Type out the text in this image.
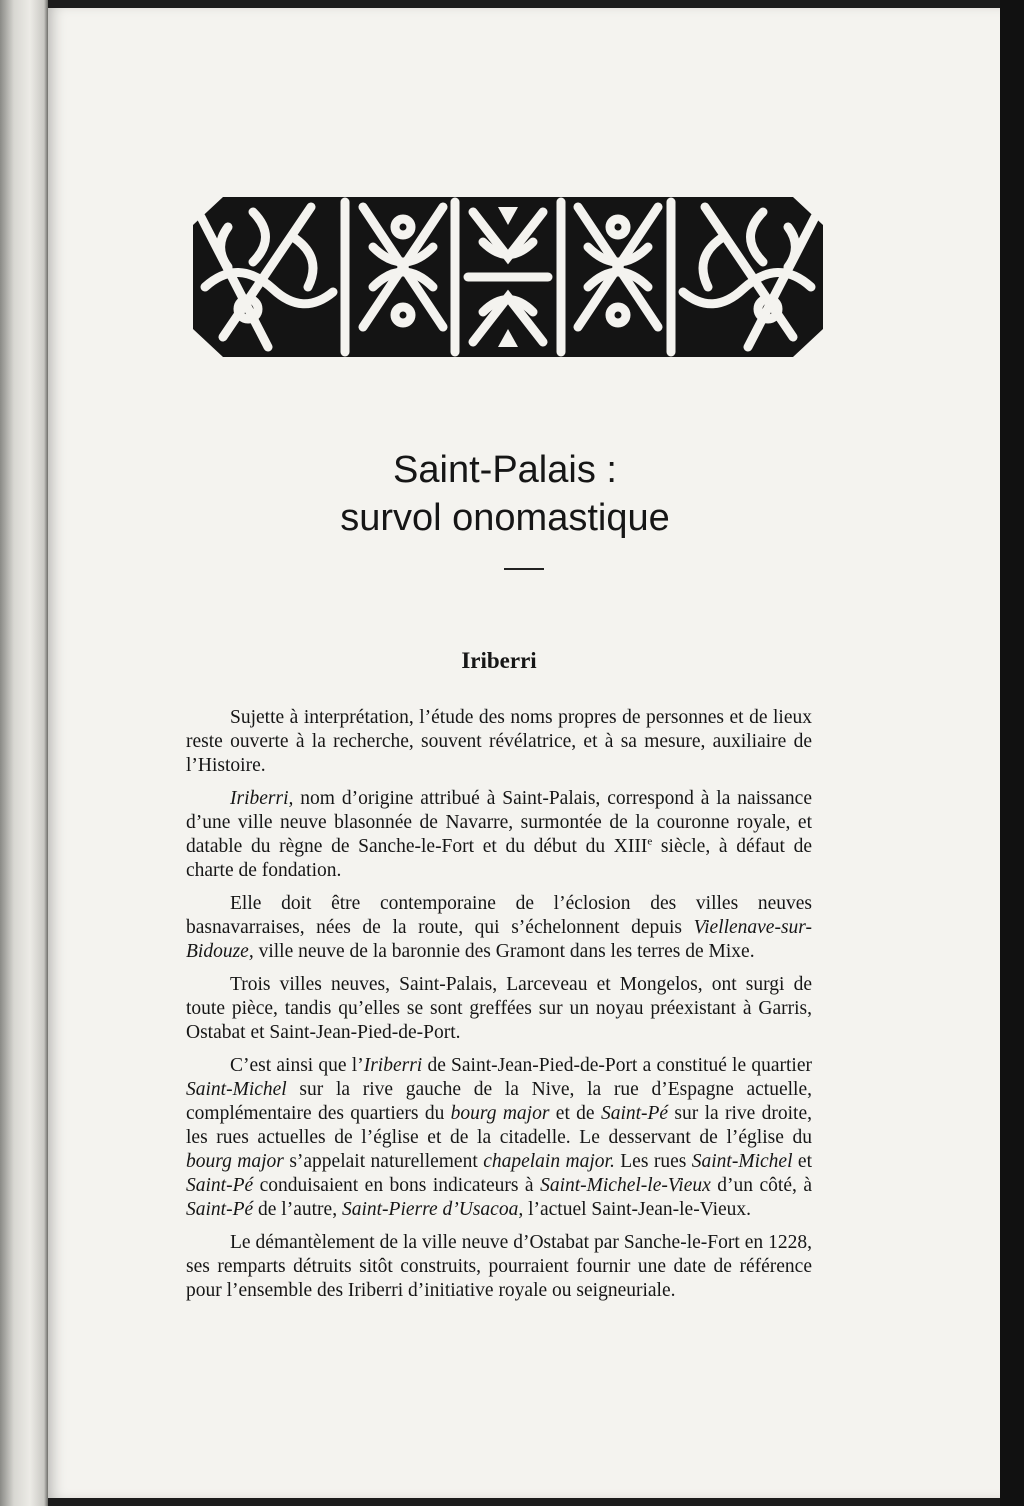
Saint-Palais :
survol onomastique
Iriberri

Sujette à interprétation, l’étude des noms propres de personnes et de lieux reste ouverte à la recherche, souvent révélatrice, et à sa mesure, auxiliaire de l’Histoire.

Iriberri, nom d’origine attribué à Saint-Palais, correspond à la naissance d’une ville neuve blasonnée de Navarre, surmontée de la couronne royale, et datable du règne de Sanche-le-Fort et du début du XIIIe siècle, à défaut de charte de fondation.

Elle doit être contemporaine de l’éclosion des villes neuves basnavarraises, nées de la route, qui s’échelonnent depuis Viellenave-sur-Bidouze, ville neuve de la baronnie des Gramont dans les terres de Mixe.

Trois villes neuves, Saint-Palais, Larceveau et Mongelos, ont surgi de toute pièce, tandis qu’elles se sont greffées sur un noyau préexistant à Garris, Ostabat et Saint-Jean-Pied-de-Port.

C’est ainsi que l’Iriberri de Saint-Jean-Pied-de-Port a constitué le quartier Saint-Michel sur la rive gauche de la Nive, la rue d’Espagne actuelle, complémentaire des quartiers du bourg major et de Saint-Pé sur la rive droite, les rues actuelles de l’église et de la citadelle. Le desservant de l’église du bourg major s’appelait naturellement chapelain major. Les rues Saint-Michel et Saint-Pé conduisaient en bons indicateurs à Saint-Michel-le-Vieux d’un côté, à Saint-Pé de l’autre, Saint-Pierre d’Usacoa, l’actuel Saint-Jean-le-Vieux.

Le démantèlement de la ville neuve d’Ostabat par Sanche-le-Fort en 1228, ses remparts détruits sitôt construits, pourraient fournir une date de référence pour l’ensemble des Iriberri d’initiative royale ou seigneuriale.
